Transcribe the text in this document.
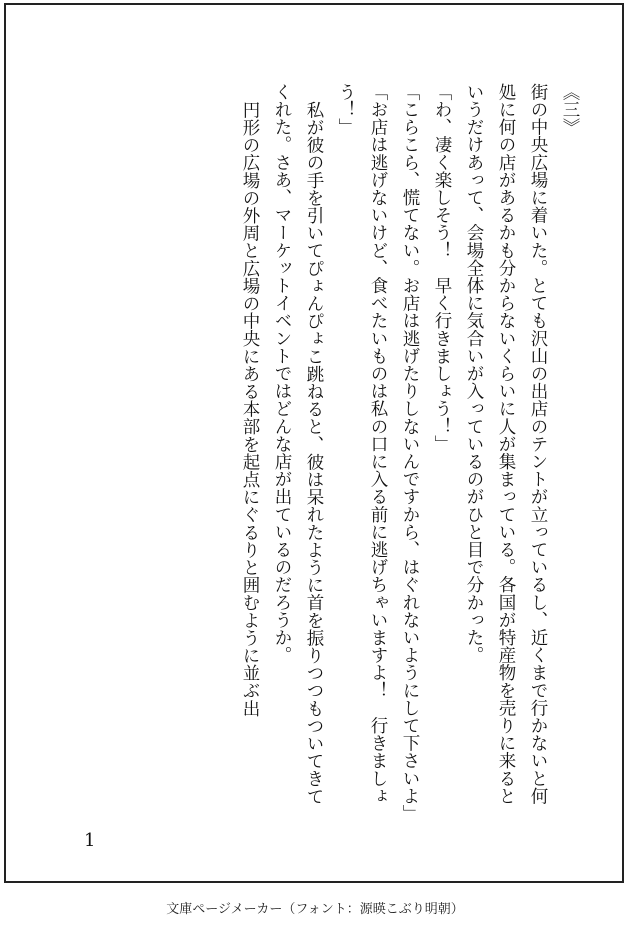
《三》

街の中央広場に着いた。とても沢山の出店のテントが立っているし、近くまで行かないと何処に何の店があるかも分からないくらいに人が集まっている。各国が特産物を売りに来るというだけあって、会場全体に気合いが入っているのがひと目で分かった。

「わ、凄く楽しそう！　早く行きましょう！」

「こらこら、慌てない。お店は逃げたりしないんですから、はぐれないようにして下さいよ」

「お店は逃げないけど、食べたいものは私の口に入る前に逃げちゃいますよ！　行きましょう！」

私が彼の手を引いてぴょんぴょこ跳ねると、彼は呆れたように首を振りつつもついてきてくれた。さあ、マーケットイベントではどんな店が出ているのだろうか。

円形の広場の外周と広場の中央にある本部を起点にぐるりと囲むように並ぶ出

1
文庫ページメーカー（フォント：源暎こぶり明朝）
